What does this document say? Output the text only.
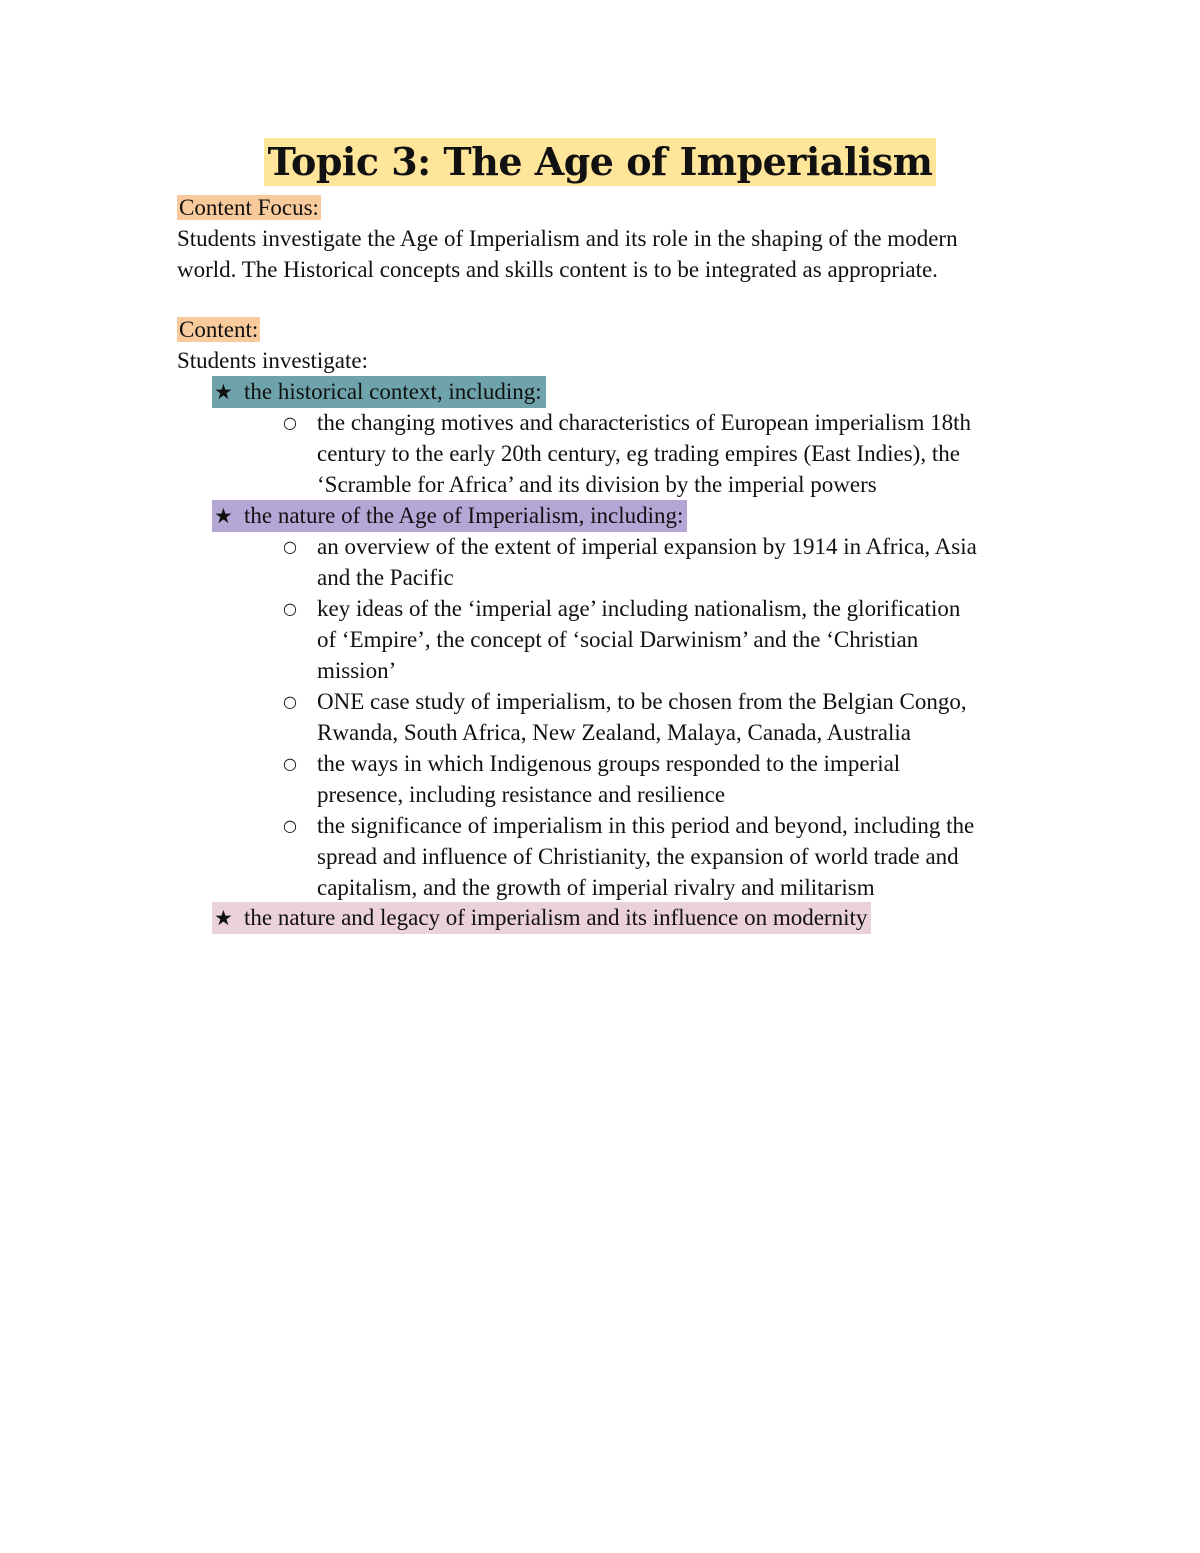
Topic 3: The Age of Imperialism
Content Focus:
Students investigate the Age of Imperialism and its role in the shaping of the modern
world. The Historical concepts and skills content is to be integrated as appropriate.
Content:
Students investigate:
★ the historical context, including:
○ the changing motives and characteristics of European imperialism 18th
century to the early 20th century, eg trading empires (East Indies), the
‘Scramble for Africa’ and its division by the imperial powers
★ the nature of the Age of Imperialism, including:
○ an overview of the extent of imperial expansion by 1914 in Africa, Asia
and the Pacific
○ key ideas of the ‘imperial age’ including nationalism, the glorification
of ‘Empire’, the concept of ‘social Darwinism’ and the ‘Christian
mission’
○ ONE case study of imperialism, to be chosen from the Belgian Congo,
Rwanda, South Africa, New Zealand, Malaya, Canada, Australia
○ the ways in which Indigenous groups responded to the imperial
presence, including resistance and resilience
○ the significance of imperialism in this period and beyond, including the
spread and influence of Christianity, the expansion of world trade and
capitalism, and the growth of imperial rivalry and militarism
★ the nature and legacy of imperialism and its influence on modernity
